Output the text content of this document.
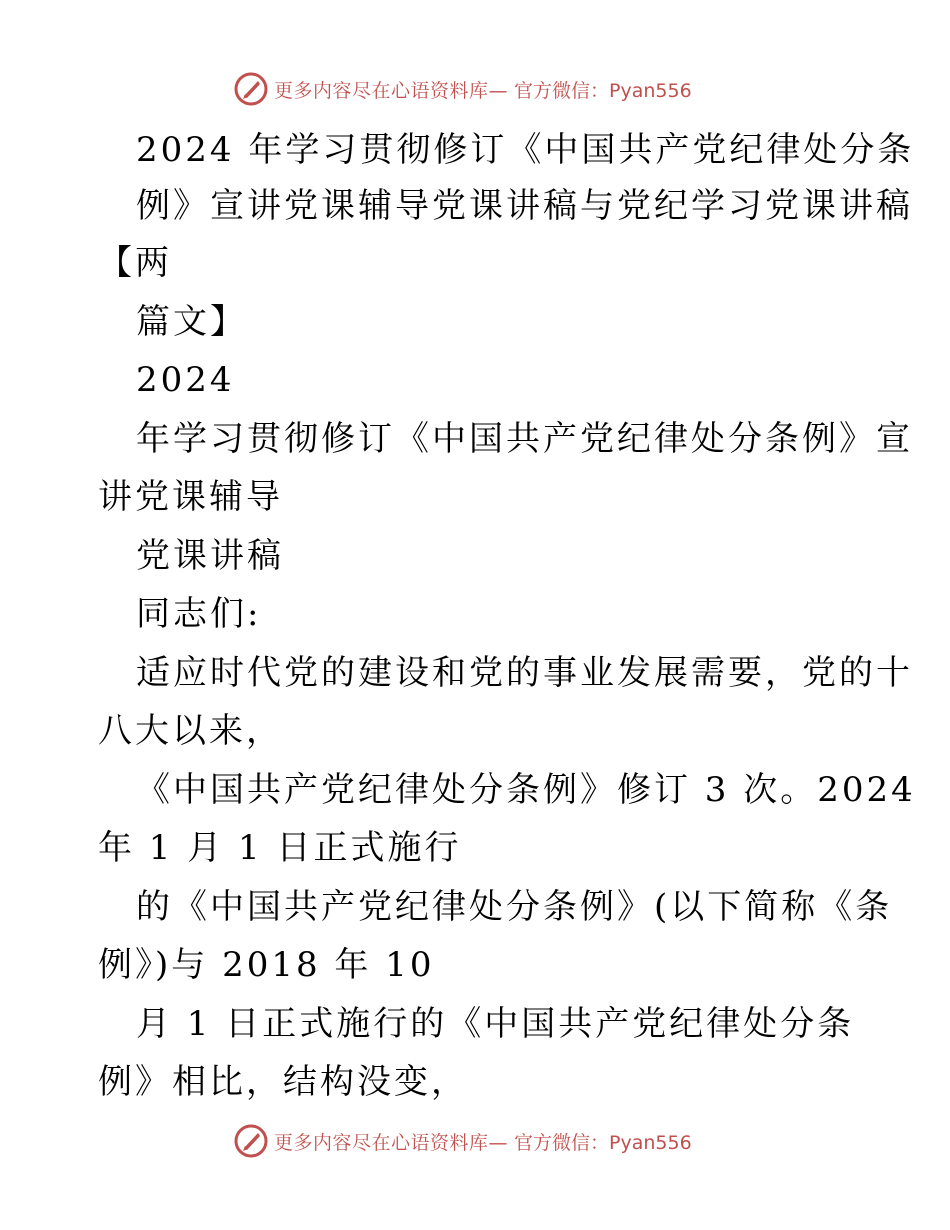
更多内容尽在心语资料库— 官方微信：Pyan556
2024 年学习贯彻修订《中国共产党纪律处分条
例》宣讲党课辅导党课讲稿与党纪学习党课讲稿
【两
篇文】
2024
年学习贯彻修订《中国共产党纪律处分条例》宣
讲党课辅导
党课讲稿
同志们:
适应时代党的建设和党的事业发展需要，党的十
八大以来，
《中国共产党纪律处分条例》修订 3 次。2024
年 1 月 1 日正式施行
的《中国共产党纪律处分条例》(以下简称《条
例》)与 2018 年 10
月 1 日正式施行的《中国共产党纪律处分条
例》相比，结构没变，
更多内容尽在心语资料库— 官方微信：Pyan556
